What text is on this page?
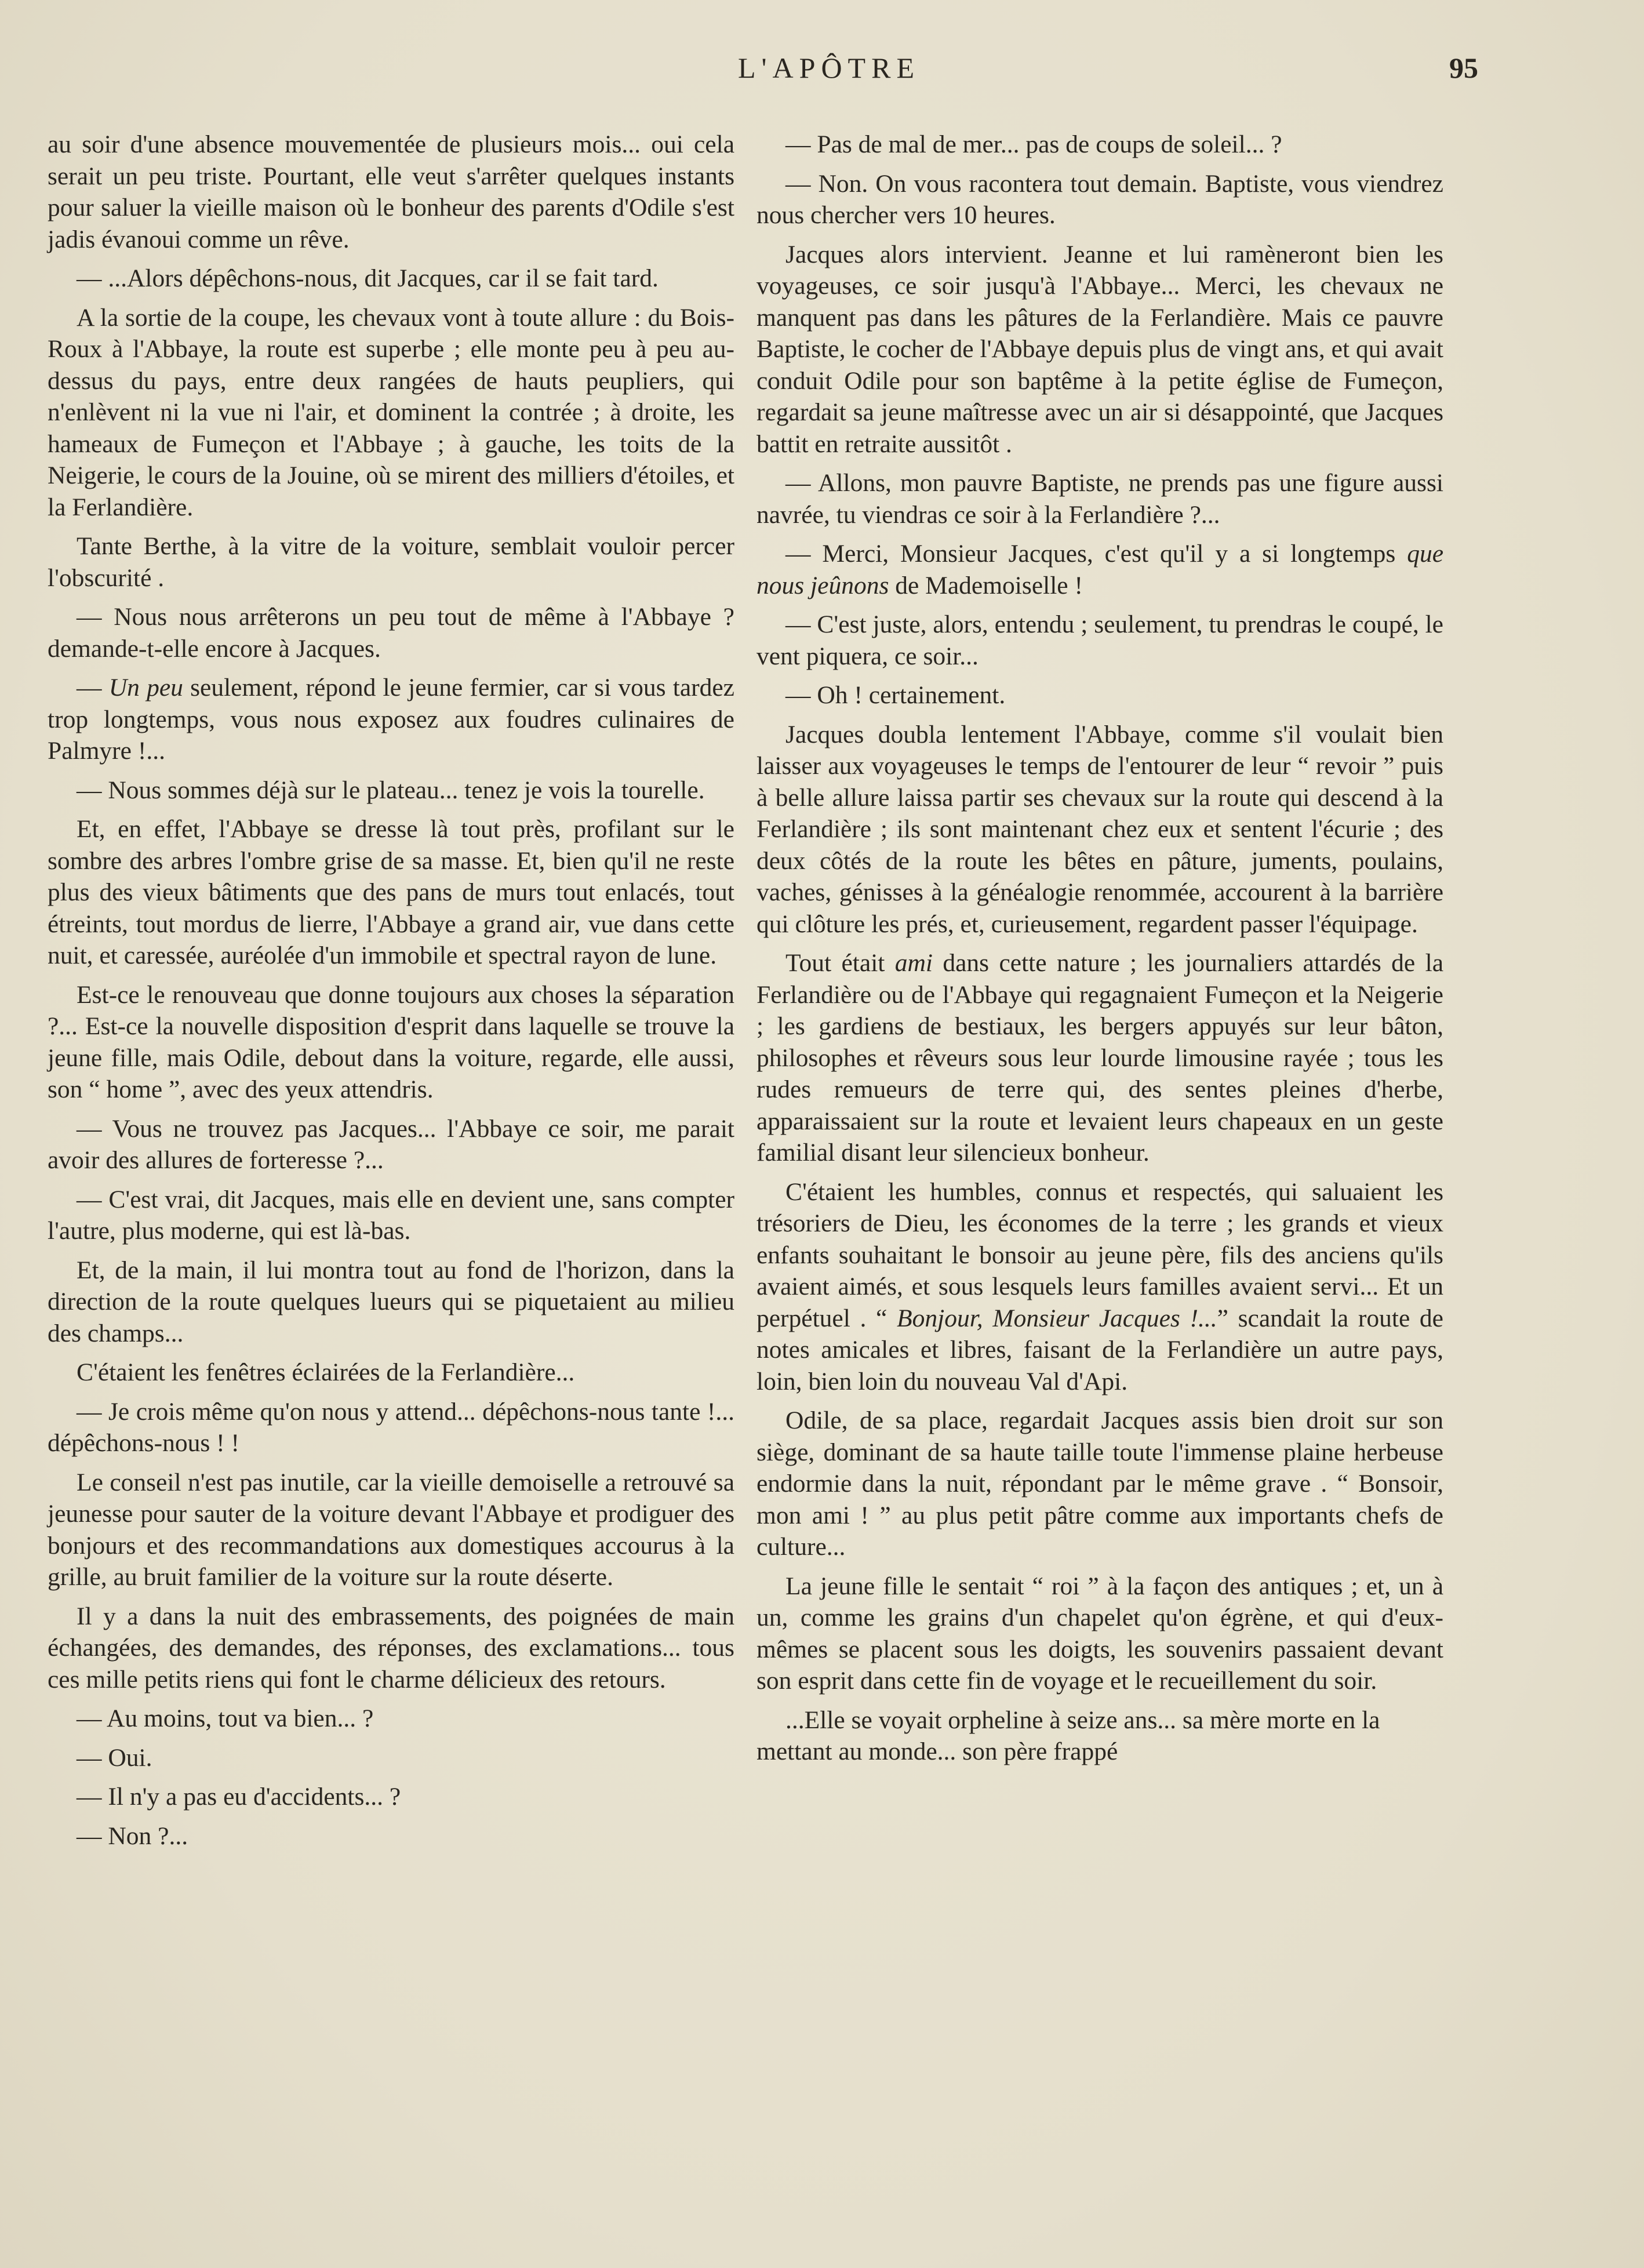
L'APÔTRE	95

au soir d'une absence mouvementée de plusieurs mois... oui cela serait un peu triste. Pourtant, elle veut s'arrêter quelques instants pour saluer la vieille maison où le bonheur des parents d'Odile s'est jadis évanoui comme un rêve.

— ...Alors dépêchons-nous, dit Jacques, car il se fait tard.

A la sortie de la coupe, les chevaux vont à toute allure : du Bois-Roux à l'Abbaye, la route est superbe ; elle monte peu à peu au-dessus du pays, entre deux rangées de hauts peupliers, qui n'enlèvent ni la vue ni l'air, et dominent la contrée ; à droite, les hameaux de Fumeçon et l'Abbaye ; à gauche, les toits de la Neigerie, le cours de la Jouine, où se mirent des milliers d'étoiles, et la Ferlandière.

Tante Berthe, à la vitre de la voiture, semblait vouloir percer l'obscurité .

— Nous nous arrêterons un peu tout de même à l'Abbaye ? demande-t-elle encore à Jacques.

— Un peu seulement, répond le jeune fermier, car si vous tardez trop longtemps, vous nous exposez aux foudres culinaires de Palmyre !...

— Nous sommes déjà sur le plateau... tenez je vois la tourelle.

Et, en effet, l'Abbaye se dresse là tout près, profilant sur le sombre des arbres l'ombre grise de sa masse. Et, bien qu'il ne reste plus des vieux bâtiments que des pans de murs tout enlacés, tout étreints, tout mordus de lierre, l'Abbaye a grand air, vue dans cette nuit, et caressée, auréolée d'un immobile et spectral rayon de lune.

Est-ce le renouveau que donne toujours aux choses la séparation ?... Est-ce la nouvelle disposition d'esprit dans laquelle se trouve la jeune fille, mais Odile, debout dans la voiture, regarde, elle aussi, son “ home ”, avec des yeux attendris.

— Vous ne trouvez pas Jacques... l'Abbaye ce soir, me parait avoir des allures de forteresse ?...

— C'est vrai, dit Jacques, mais elle en devient une, sans compter l'autre, plus moderne, qui est là-bas.

Et, de la main, il lui montra tout au fond de l'horizon, dans la direction de la route quelques lueurs qui se piquetaient au milieu des champs...

C'étaient les fenêtres éclairées de la Ferlandière...

— Je crois même qu'on nous y attend... dépêchons-nous tante !... dépêchons-nous ! !

Le conseil n'est pas inutile, car la vieille demoiselle a retrouvé sa jeunesse pour sauter de la voiture devant l'Abbaye et prodiguer des bonjours et des recommandations aux domestiques accourus à la grille, au bruit familier de la voiture sur la route déserte.

Il y a dans la nuit des embrassements, des poignées de main échangées, des demandes, des réponses, des exclamations... tous ces mille petits riens qui font le charme délicieux des retours.

— Au moins, tout va bien... ?

— Oui.

— Il n'y a pas eu d'accidents... ?

— Non ?...

— Pas de mal de mer... pas de coups de soleil... ?

— Non. On vous racontera tout demain. Baptiste, vous viendrez nous chercher vers 10 heures.

Jacques alors intervient. Jeanne et lui ramèneront bien les voyageuses, ce soir jusqu'à l'Abbaye... Merci, les chevaux ne manquent pas dans les pâtures de la Ferlandière. Mais ce pauvre Baptiste, le cocher de l'Abbaye depuis plus de vingt ans, et qui avait conduit Odile pour son baptême à la petite église de Fumeçon, regardait sa jeune maîtresse avec un air si désappointé, que Jacques battit en retraite aussitôt .

— Allons, mon pauvre Baptiste, ne prends pas une figure aussi navrée, tu viendras ce soir à la Ferlandière ?...

— Merci, Monsieur Jacques, c'est qu'il y a si longtemps que nous jeûnons de Mademoiselle !

— C'est juste, alors, entendu ; seulement, tu prendras le coupé, le vent piquera, ce soir...

— Oh ! certainement.

Jacques doubla lentement l'Abbaye, comme s'il voulait bien laisser aux voyageuses le temps de l'entourer de leur “ revoir ” puis à belle allure laissa partir ses chevaux sur la route qui descend à la Ferlandière ; ils sont maintenant chez eux et sentent l'écurie ; des deux côtés de la route les bêtes en pâture, juments, poulains, vaches, génisses à la généalogie renommée, accourent à la barrière qui clôture les prés, et, curieusement, regardent passer l'équipage.

Tout était ami dans cette nature ; les journaliers attardés de la Ferlandière ou de l'Abbaye qui regagnaient Fumeçon et la Neigerie ; les gardiens de bestiaux, les bergers appuyés sur leur bâton, philosophes et rêveurs sous leur lourde limousine rayée ; tous les rudes remueurs de terre qui, des sentes pleines d'herbe, apparaissaient sur la route et levaient leurs chapeaux en un geste familial disant leur silencieux bonheur.

C'étaient les humbles, connus et respectés, qui saluaient les trésoriers de Dieu, les économes de la terre ; les grands et vieux enfants souhaitant le bonsoir au jeune père, fils des anciens qu'ils avaient aimés, et sous lesquels leurs familles avaient servi... Et un perpétuel . “ Bonjour, Monsieur Jacques !...” scandait la route de notes amicales et libres, faisant de la Ferlandière un autre pays, loin, bien loin du nouveau Val d'Api.

Odile, de sa place, regardait Jacques assis bien droit sur son siège, dominant de sa haute taille toute l'immense plaine herbeuse endormie dans la nuit, répondant par le même grave . “ Bonsoir, mon ami ! ” au plus petit pâtre comme aux importants chefs de culture...

La jeune fille le sentait “ roi ” à la façon des antiques ; et, un à un, comme les grains d'un chapelet qu'on égrène, et qui d'eux-mêmes se placent sous les doigts, les souvenirs passaient devant son esprit dans cette fin de voyage et le recueillement du soir.

...Elle se voyait orpheline à seize ans... sa mère morte en la mettant au monde... son père frappé
